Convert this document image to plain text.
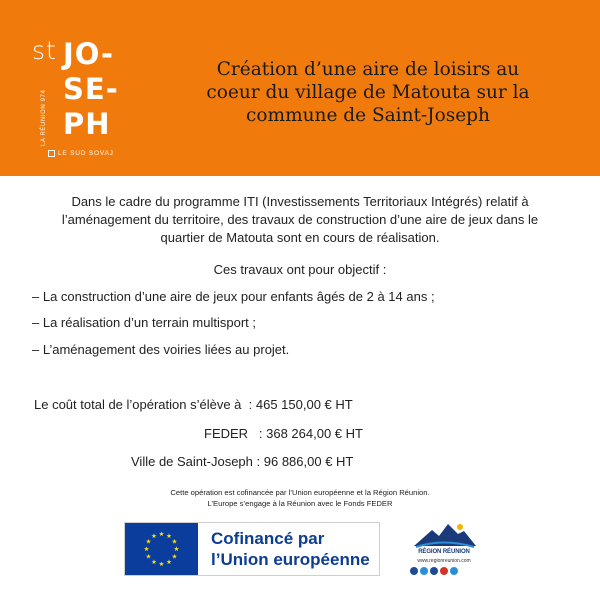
st JO-
SE-
PH
LA RÉUNION 974
LE SUD SOVAJ
Création d’une aire de loisirs au
coeur du village de Matouta sur la
commune de Saint-Joseph
Dans le cadre du programme ITI (Investissements Territoriaux Intégrés) relatif à
l’aménagement du territoire, des travaux de construction d’une aire de jeux dans le
quartier de Matouta sont en cours de réalisation.
Ces travaux ont pour objectif :
– La construction d’une aire de jeux pour enfants âgés de 2 à 14 ans ;
– La réalisation d’un terrain multisport ;
– L’aménagement des voiries liées au projet.
Le coût total de l’opération s’élève à : 465 150,00 € HT
FEDER : 368 264,00 € HT
Ville de Saint-Joseph : 96 886,00 € HT
Cette opération est cofinancée par l’Union européenne et la Région Réunion.
L’Europe s’engage à la Réunion avec le Fonds FEDER
Cofinancé par
l’Union européenne	RÉGION RÉUNION
www.regionreunion.com
